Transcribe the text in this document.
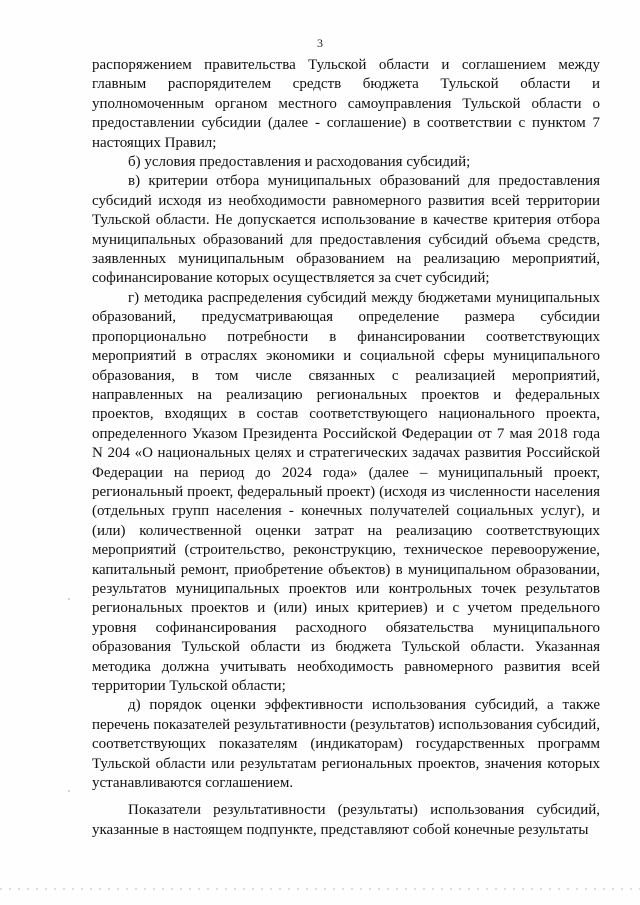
3

распоряжением правительства Тульской области и соглашением между главным распорядителем средств бюджета Тульской области и уполномоченным органом местного самоуправления Тульской области о предоставлении субсидии (далее - соглашение) в соответствии с пунктом 7 настоящих Правил;

б) условия предоставления и расходования субсидий;

в) критерии отбора муниципальных образований для предоставления субсидий исходя из необходимости равномерного развития всей территории Тульской области. Не допускается использование в качестве критерия отбора муниципальных образований для предоставления субсидий объема средств, заявленных муниципальным образованием на реализацию мероприятий, софинансирование которых осуществляется за счет субсидий;

г) методика распределения субсидий между бюджетами муниципальных образований, предусматривающая определение размера субсидии пропорционально потребности в финансировании соответствующих мероприятий в отраслях экономики и социальной сферы муниципального образования, в том числе связанных с реализацией мероприятий, направленных на реализацию региональных проектов и федеральных проектов, входящих в состав соответствующего национального проекта, определенного Указом Президента Российской Федерации от 7 мая 2018 года N 204 «О национальных целях и стратегических задачах развития Российской Федерации на период до 2024 года» (далее – муниципальный проект, региональный проект, федеральный проект) (исходя из численности населения (отдельных групп населения - конечных получателей социальных услуг), и (или) количественной оценки затрат на реализацию соответствующих мероприятий (строительство, реконструкцию, техническое перевооружение, капитальный ремонт, приобретение объектов) в муниципальном образовании, результатов муниципальных проектов или контрольных точек результатов региональных проектов и (или) иных критериев) и с учетом предельного уровня софинансирования расходного обязательства муниципального образования Тульской области из бюджета Тульской области. Указанная методика должна учитывать необходимость равномерного развития всей территории Тульской области;

д) порядок оценки эффективности использования субсидий, а также перечень показателей результативности (результатов) использования субсидий, соответствующих показателям (индикаторам) государственных программ Тульской области или результатам региональных проектов, значения которых устанавливаются соглашением.

Показатели результативности (результаты) использования субсидий, указанные в настоящем подпункте, представляют собой конечные результаты
